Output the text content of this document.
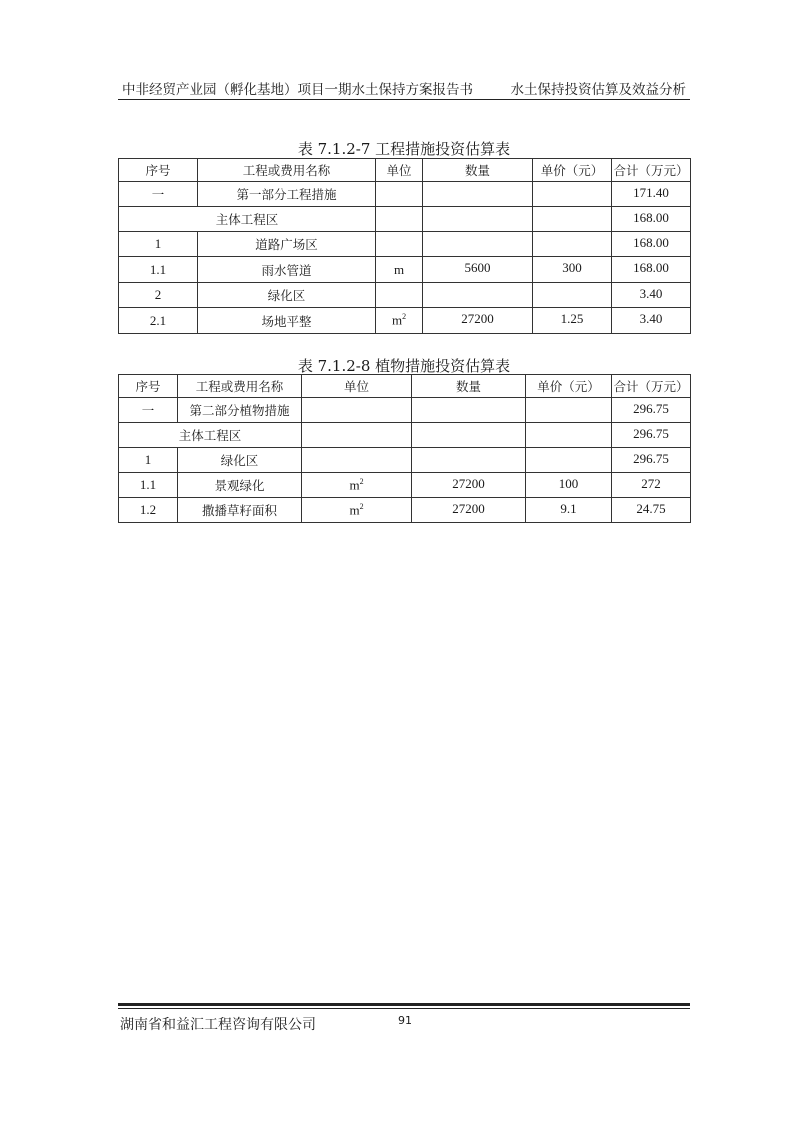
中非经贸产业园（孵化基地）项目一期水土保持方案报告书	水土保持投资估算及效益分析
表 7.1.2-7 工程措施投资估算表
序号	工程或费用名称	单位	数量	单价（元）	合计（万元）
一	第一部分工程措施				171.40
主体工程区					168.00
1	道路广场区				168.00
1.1	雨水管道	m	5600	300	168.00
2	绿化区				3.40
2.1	场地平整	$m^2$	27200	1.25	3.40
表 7.1.2-8 植物措施投资估算表
序号	工程或费用名称	单位	数量	单价（元）	合计（万元）
一	第二部分植物措施				296.75
主体工程区					296.75
1	绿化区				296.75
1.1	景观绿化	$m^2$	27200	100	272
1.2	撒播草籽面积	$m^2$	27200	9.1	24.75
湖南省和益汇工程咨询有限公司	91
